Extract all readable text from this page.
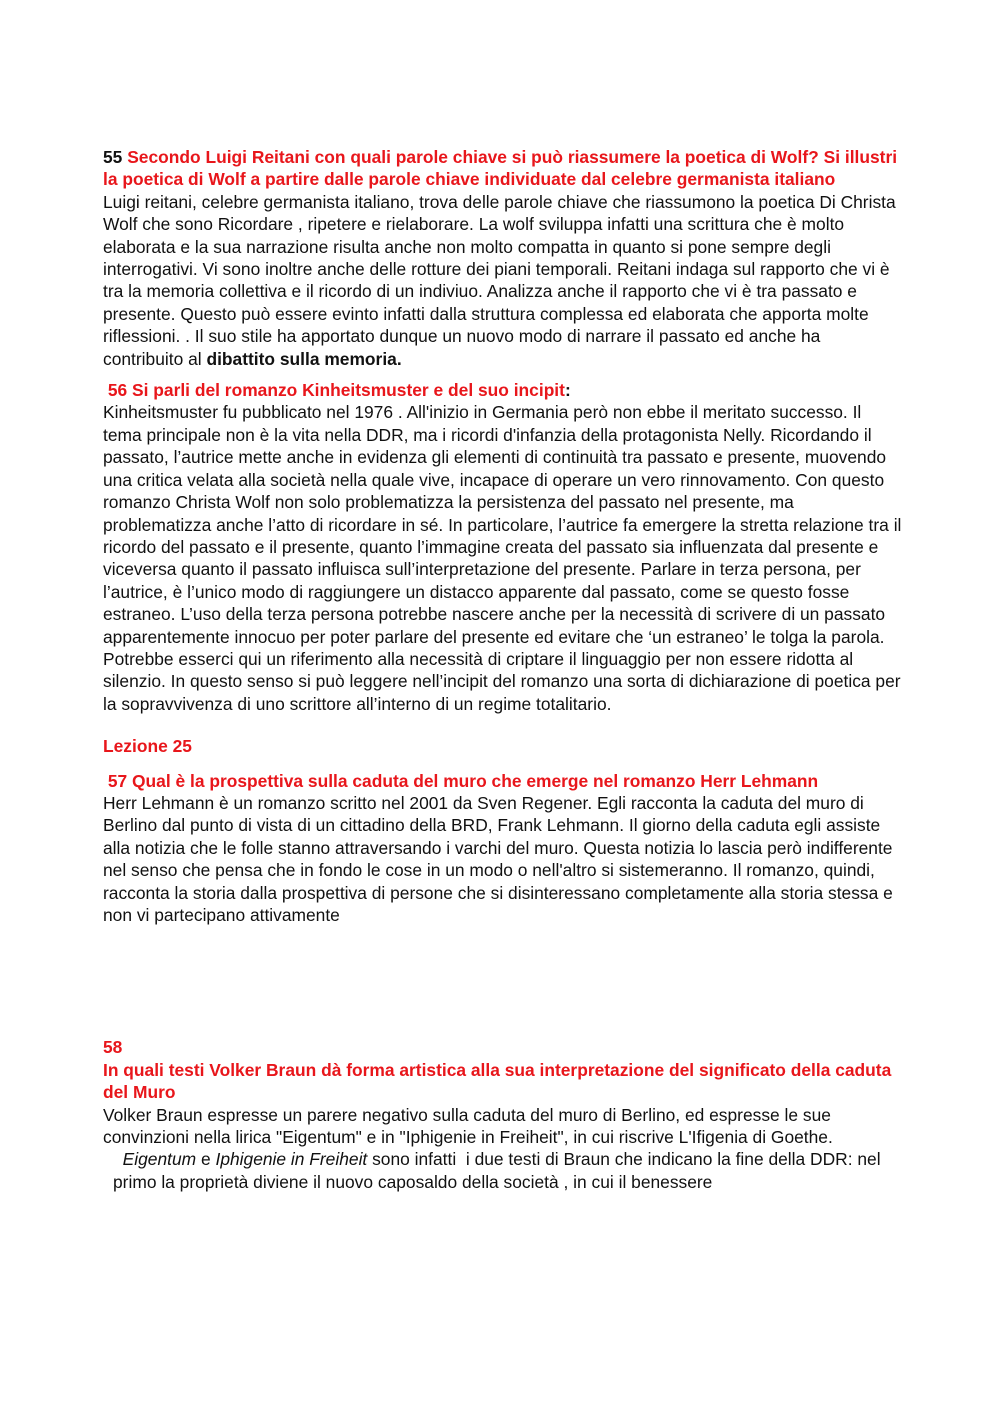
55 Secondo Luigi Reitani con quali parole chiave si può riassumere la poetica di Wolf? Si illustri la poetica di Wolf a partire dalle parole chiave individuate dal celebre germanista italiano
Luigi reitani, celebre germanista italiano, trova delle parole chiave che riassumono la poetica Di Christa Wolf che sono Ricordare , ripetere e rielaborare. La wolf sviluppa infatti una scrittura che è molto elaborata e la sua narrazione risulta anche non molto compatta in quanto si pone sempre degli interrogativi. Vi sono inoltre anche delle rotture dei piani temporali. Reitani indaga sul rapporto che vi è tra la memoria collettiva e il ricordo di un indiviuo. Analizza anche il rapporto che vi è tra passato e presente. Questo può essere evinto infatti dalla struttura complessa ed elaborata che apporta molte riflessioni. . Il suo stile ha apportato dunque un nuovo modo di narrare il passato ed anche ha contribuito al dibattito sulla memoria.
56 Si parli del romanzo Kinheitsmuster e del suo incipit:
Kinheitsmuster fu pubblicato nel 1976 . All'inizio in Germania però non ebbe il meritato successo. Il tema principale non è la vita nella DDR, ma i ricordi d'infanzia della protagonista Nelly. Ricordando il passato, l’autrice mette anche in evidenza gli elementi di continuità tra passato e presente, muovendo una critica velata alla società nella quale vive, incapace di operare un vero rinnovamento. Con questo romanzo Christa Wolf non solo problematizza la persistenza del passato nel presente, ma problematizza anche l’atto di ricordare in sé. In particolare, l’autrice fa emergere la stretta relazione tra il ricordo del passato e il presente, quanto l’immagine creata del passato sia influenzata dal presente e viceversa quanto il passato influisca sull’interpretazione del presente. Parlare in terza persona, per l’autrice, è l’unico modo di raggiungere un distacco apparente dal passato, come se questo fosse estraneo. L’uso della terza persona potrebbe nascere anche per la necessità di scrivere di un passato apparentemente innocuo per poter parlare del presente ed evitare che ‘un estraneo’ le tolga la parola. Potrebbe esserci qui un riferimento alla necessità di criptare il linguaggio per non essere ridotta al silenzio. In questo senso si può leggere nell’incipit del romanzo una sorta di dichiarazione di poetica per la sopravvivenza di uno scrittore all’interno di un regime totalitario.
Lezione 25
57 Qual è la prospettiva sulla caduta del muro che emerge nel romanzo Herr Lehmann
Herr Lehmann è un romanzo scritto nel 2001 da Sven Regener. Egli racconta la caduta del muro di Berlino dal punto di vista di un cittadino della BRD, Frank Lehmann. Il giorno della caduta egli assiste alla notizia che le folle stanno attraversando i varchi del muro. Questa notizia lo lascia però indifferente nel senso che pensa che in fondo le cose in un modo o nell'altro si sistemeranno. Il romanzo, quindi, racconta la storia dalla prospettiva di persone che si disinteressano completamente alla storia stessa e non vi partecipano attivamente
58
In quali testi Volker Braun dà forma artistica alla sua interpretazione del significato della caduta del Muro
Volker Braun espresse un parere negativo sulla caduta del muro di Berlino, ed espresse le sue convinzioni nella lirica "Eigentum" e in "Iphigenie in Freiheit", in cui riscrive L'Ifigenia di Goethe.
Eigentum e Iphigenie in Freiheit sono infatti  i due testi di Braun che indicano la fine della DDR: nel primo la proprietà diviene il nuovo caposaldo della società , in cui il benessere
